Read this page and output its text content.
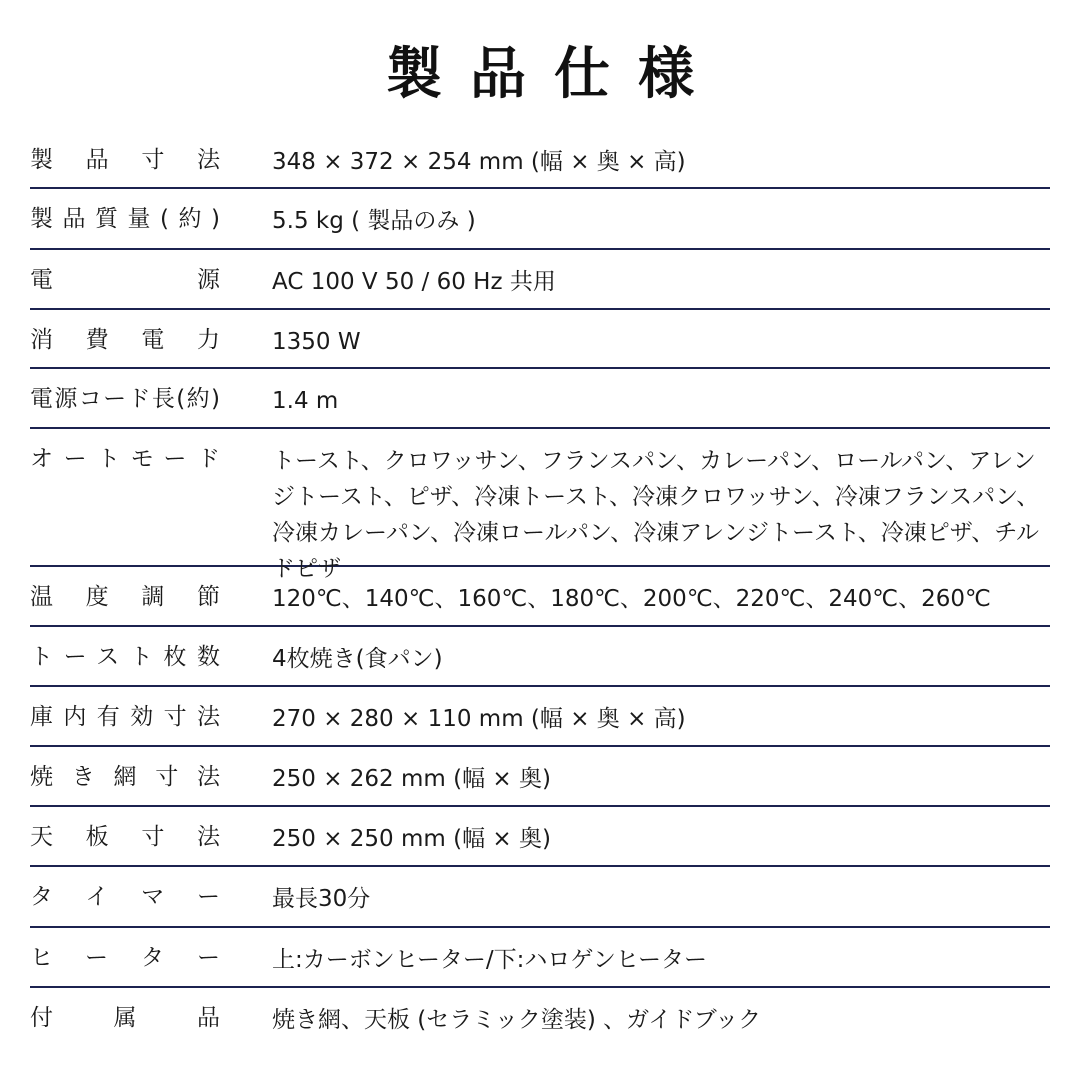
製品仕様
製品寸法 348 × 372 × 254 mm (幅 × 奥 × 高)
製品質量(約) 5.5 kg ( 製品のみ )
電源 AC 100 V 50 / 60 Hz 共用
消費電力 1350 W
電源コード長(約) 1.4 m
オートモード トースト、クロワッサン、フランスパン、カレーパン、ロールパン、アレンジトースト、ピザ、冷凍トースト、冷凍クロワッサン、冷凍フランスパン、冷凍カレーパン、冷凍ロールパン、冷凍アレンジトースト、冷凍ピザ、チルドピザ
温度調節 120℃、140℃、160℃、180℃、200℃、220℃、240℃、260℃
トースト枚数 4枚焼き(食パン)
庫内有効寸法 270 × 280 × 110 mm (幅 × 奥 × 高)
焼き網寸法 250 × 262 mm (幅 × 奥)
天板寸法 250 × 250 mm (幅 × 奥)
タイマー 最長30分
ヒーター 上:カーボンヒーター/下:ハロゲンヒーター
付属品 焼き網、天板 (セラミック塗装) 、ガイドブック
